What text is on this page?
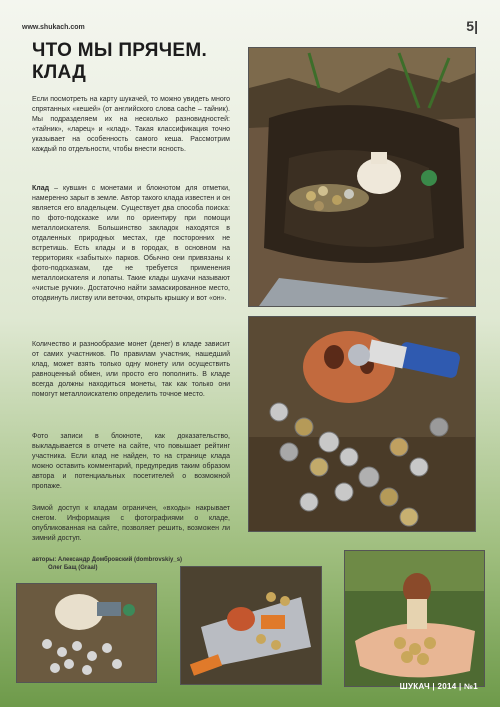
www.shukach.com	5|
ЧТО МЫ ПРЯЧЕМ.
КЛАД

Если посмотреть на карту шукачей, то можно увидеть много спрятанных «кешей» (от английского слова cache – тайник). Мы подразделяем их на несколько разновидностей: «тайник», «ларец» и «клад». Такая классификация точно указывает на особенность самого кеша. Рассмотрим каждый по отдельности, чтобы внести ясность.

Клад – кувшин с монетами и блокнотом для отметки, намеренно зарыт в земле. Автор такого клада известен и он является его владельцем. Существует два способа поиска: по фото-подсказке или по ориентиру при помощи металлоискателя. Большинство закладок находятся в отдаленных природных местах, где посторонних не встретишь. Есть клады и в городах, в основном на территориях «забытых» парков. Обычно они привязаны к фото-подсказкам, где не требуется применения металлоискателя и лопаты. Такие клады шукачи называют «чистые ручки». Достаточно найти замаскированное место, отодвинуть листву или веточки, открыть крышку и вот «он».

Количество и разнообразие монет (денег) в кладе зависит от самих участников. По правилам участник, нашедший клад, может взять только одну монету или осуществить равноценный обмен, или просто его пополнить. В кладе всегда должны находиться монеты, так как только они помогут металлоискателю определить точное место.

Фото записи в блокноте, как доказательство, выкладывается в отчете на сайте, что повышает рейтинг участника. Если клад не найден, то на странице клада можно оставить комментарий, предупредив таким образом автора и потенциальных посетителей о возможной пропаже.

Зимой доступ к кладам ограничен, «входы» накрывает снегом. Информация с фотографиями о кладе, опубликованная на сайте, позволяет решить, возможен ли зимний доступ.

авторы: Александр Домбровский (dombrovskiy_s)
Олег Бащ (Graal)
ШУКАЧ | 2014 | №1
